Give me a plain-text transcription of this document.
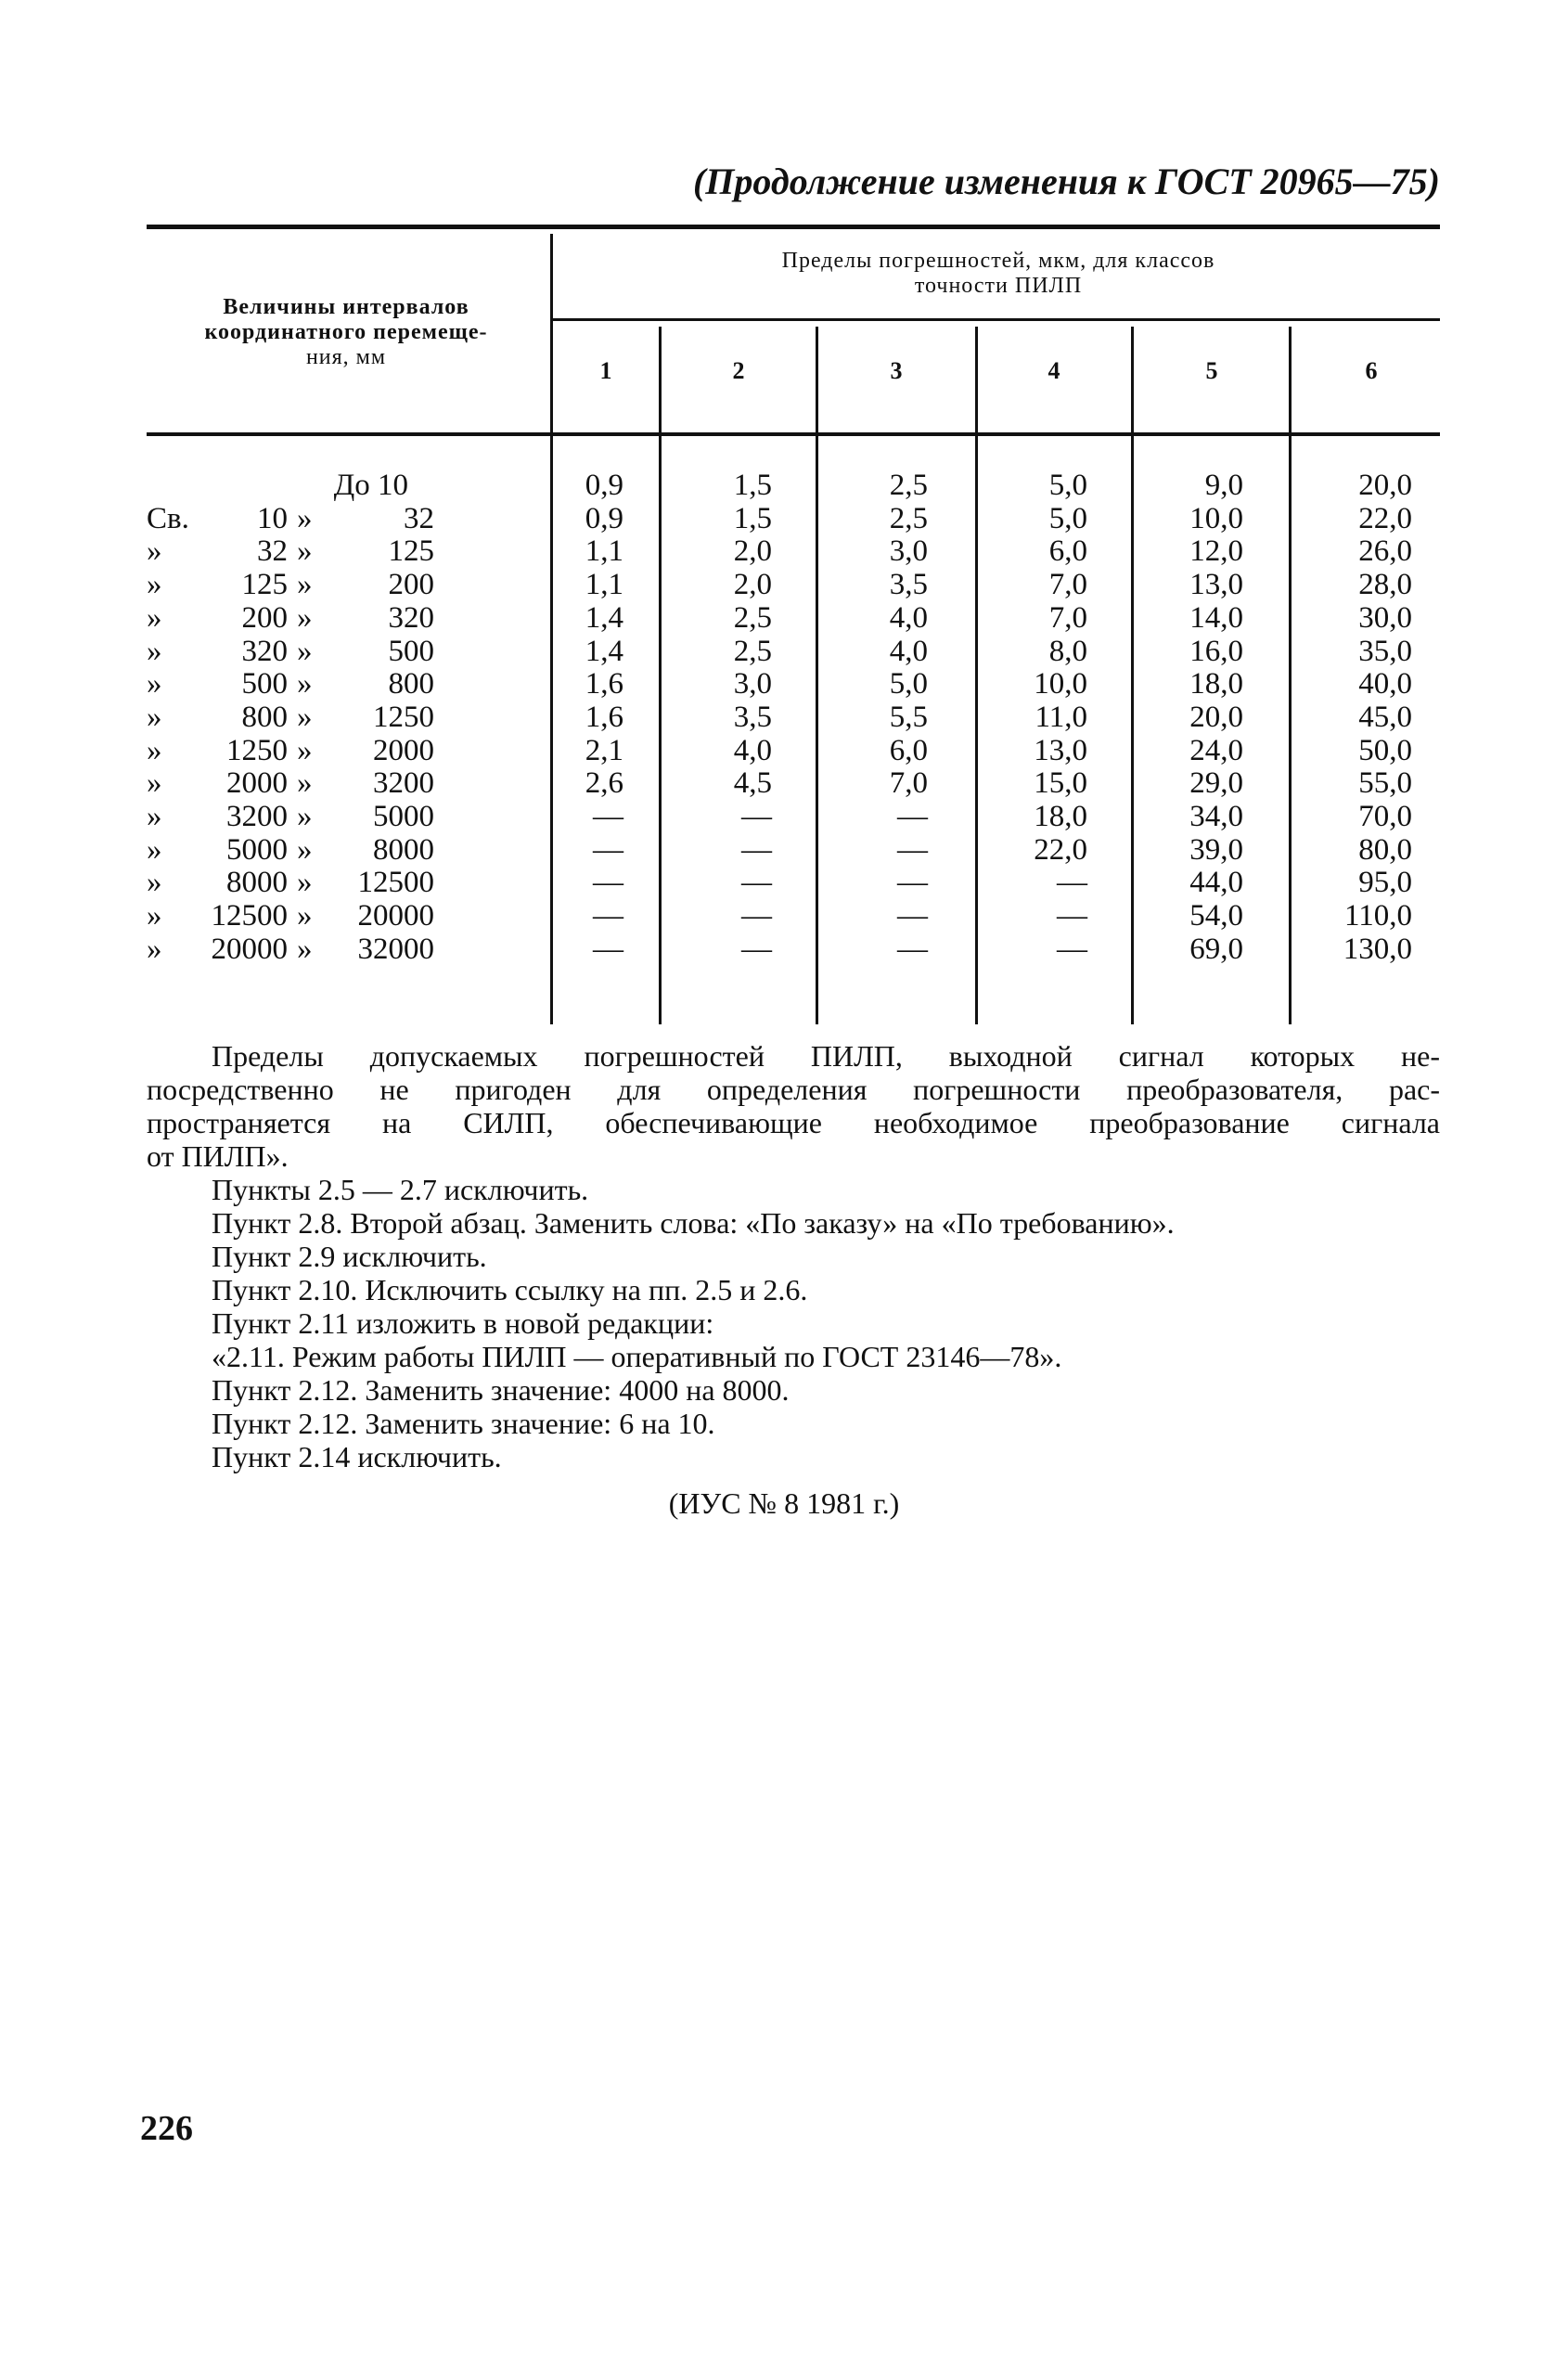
(Продолжение изменения к ГОСТ 20965—75)
Величины интервалов
координатного перемеще-
ния, мм
Пределы погрешностей, мкм, для классов
точности ПИЛП
1	2	3	4	5	6
До 10	0,9	1,5	2,5	5,0	9,0	20,0
Св.	10 »	32	0,9	1,5	2,5	5,0	10,0	22,0
»	32 »	125	1,1	2,0	3,0	6,0	12,0	26,0
»	125 »	200	1,1	2,0	3,5	7,0	13,0	28,0
»	200 »	320	1,4	2,5	4,0	7,0	14,0	30,0
»	320 »	500	1,4	2,5	4,0	8,0	16,0	35,0
»	500 »	800	1,6	3,0	5,0	10,0	18,0	40,0
»	800 »	1250	1,6	3,5	5,5	11,0	20,0	45,0
»	1250 »	2000	2,1	4,0	6,0	13,0	24,0	50,0
»	2000 »	3200	2,6	4,5	7,0	15,0	29,0	55,0
»	3200 »	5000	—	—	—	18,0	34,0	70,0
»	5000 »	8000	—	—	—	22,0	39,0	80,0
»	8000 »	12500	—	—	—	—	44,0	95,0
»	12500 »	20000	—	—	—	—	54,0	110,0
»	20000 »	32000	—	—	—	—	69,0	130,0
Пределы допускаемых погрешностей ПИЛП, выходной сигнал которых не-
посредственно не пригоден для определения погрешности преобразователя, рас-
пространяется на СИЛП, обеспечивающие необходимое преобразование сигнала
от ПИЛП».
Пункты 2.5 — 2.7 исключить.
Пункт 2.8. Второй абзац. Заменить слова: «По заказу» на «По требованию».
Пункт 2.9 исключить.
Пункт 2.10. Исключить ссылку на пп. 2.5 и 2.6.
Пункт 2.11 изложить в новой редакции:
«2.11. Режим работы ПИЛП — оперативный по ГОСТ 23146—78».
Пункт 2.12. Заменить значение: 4000 на 8000.
Пункт 2.12. Заменить значение: 6 на 10.
Пункт 2.14 исключить.
(ИУС № 8 1981 г.)
226
